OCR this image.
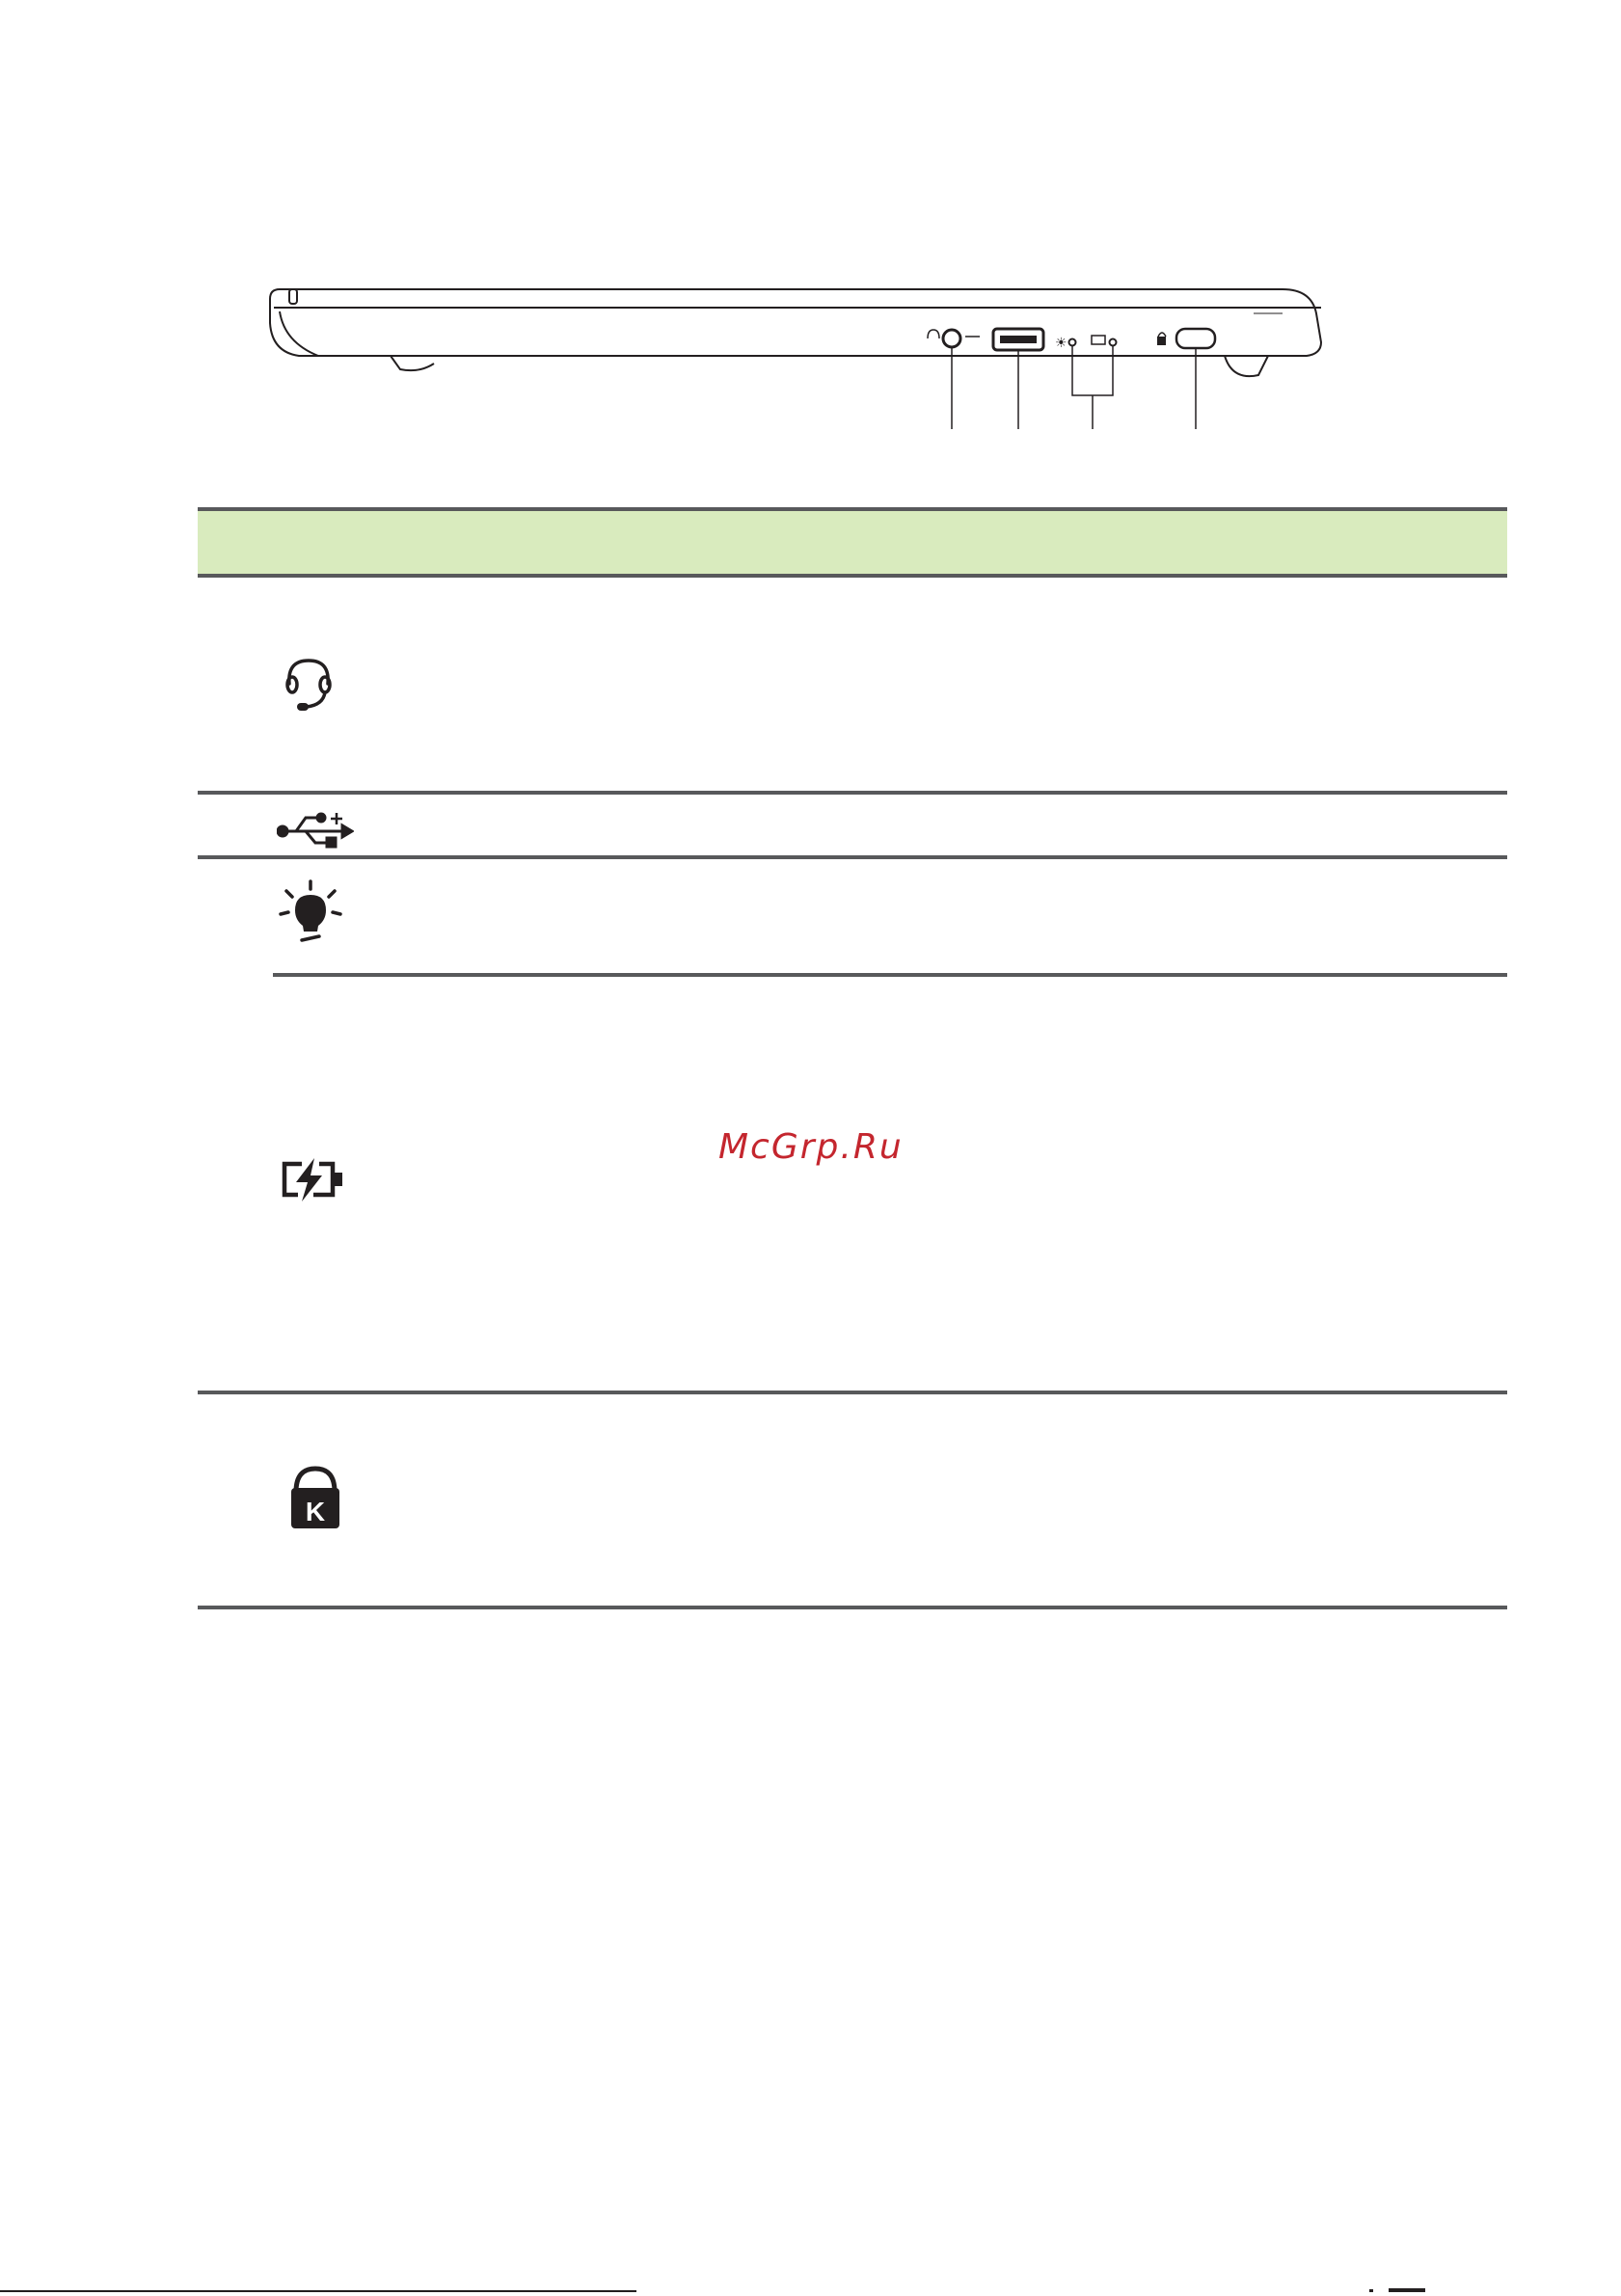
☀
K
McGrp.Ru
